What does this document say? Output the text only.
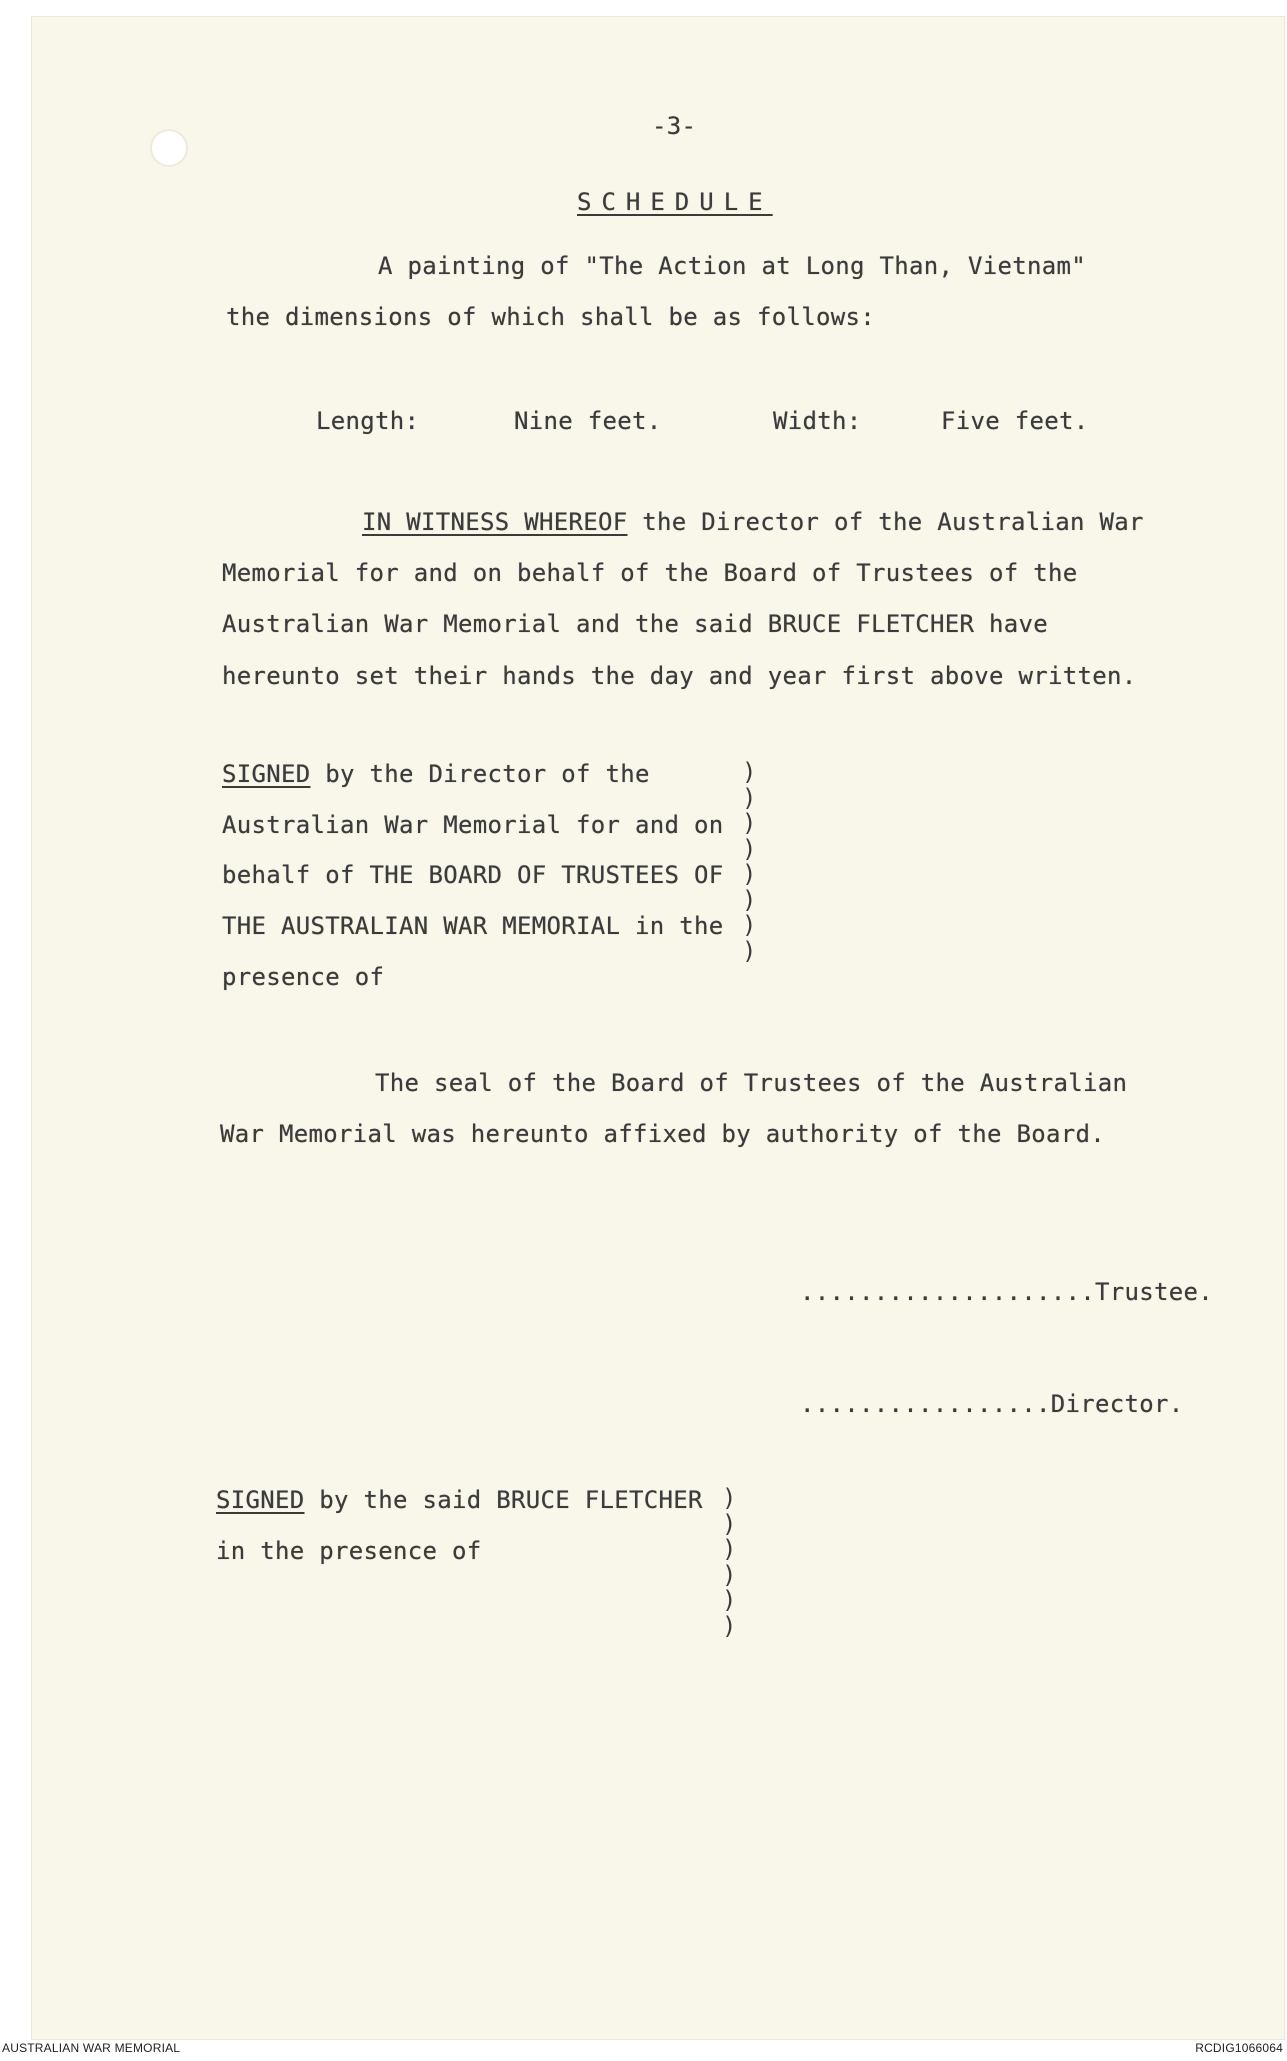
-3-
SCHEDULE
A painting of "The Action at Long Than, Vietnam"
the dimensions of which shall be as follows:
Length:	Nine feet.	Width:	Five feet.
IN WITNESS WHEREOF the Director of the Australian War
Memorial for and on behalf of the Board of Trustees of the
Australian War Memorial and the said BRUCE FLETCHER have
hereunto set their hands the day and year first above written.
SIGNED by the Director of the
Australian War Memorial for and on
behalf of THE BOARD OF TRUSTEES OF
THE AUSTRALIAN WAR MEMORIAL in the
presence of
)
)
)
)
)
)
)
)
The seal of the Board of Trustees of the Australian
War Memorial was hereunto affixed by authority of the Board.
....................Trustee.
.................Director.
SIGNED by the said BRUCE FLETCHER
in the presence of
)
)
)
)
)
)
AUSTRALIAN WAR MEMORIAL	RCDIG1066064
